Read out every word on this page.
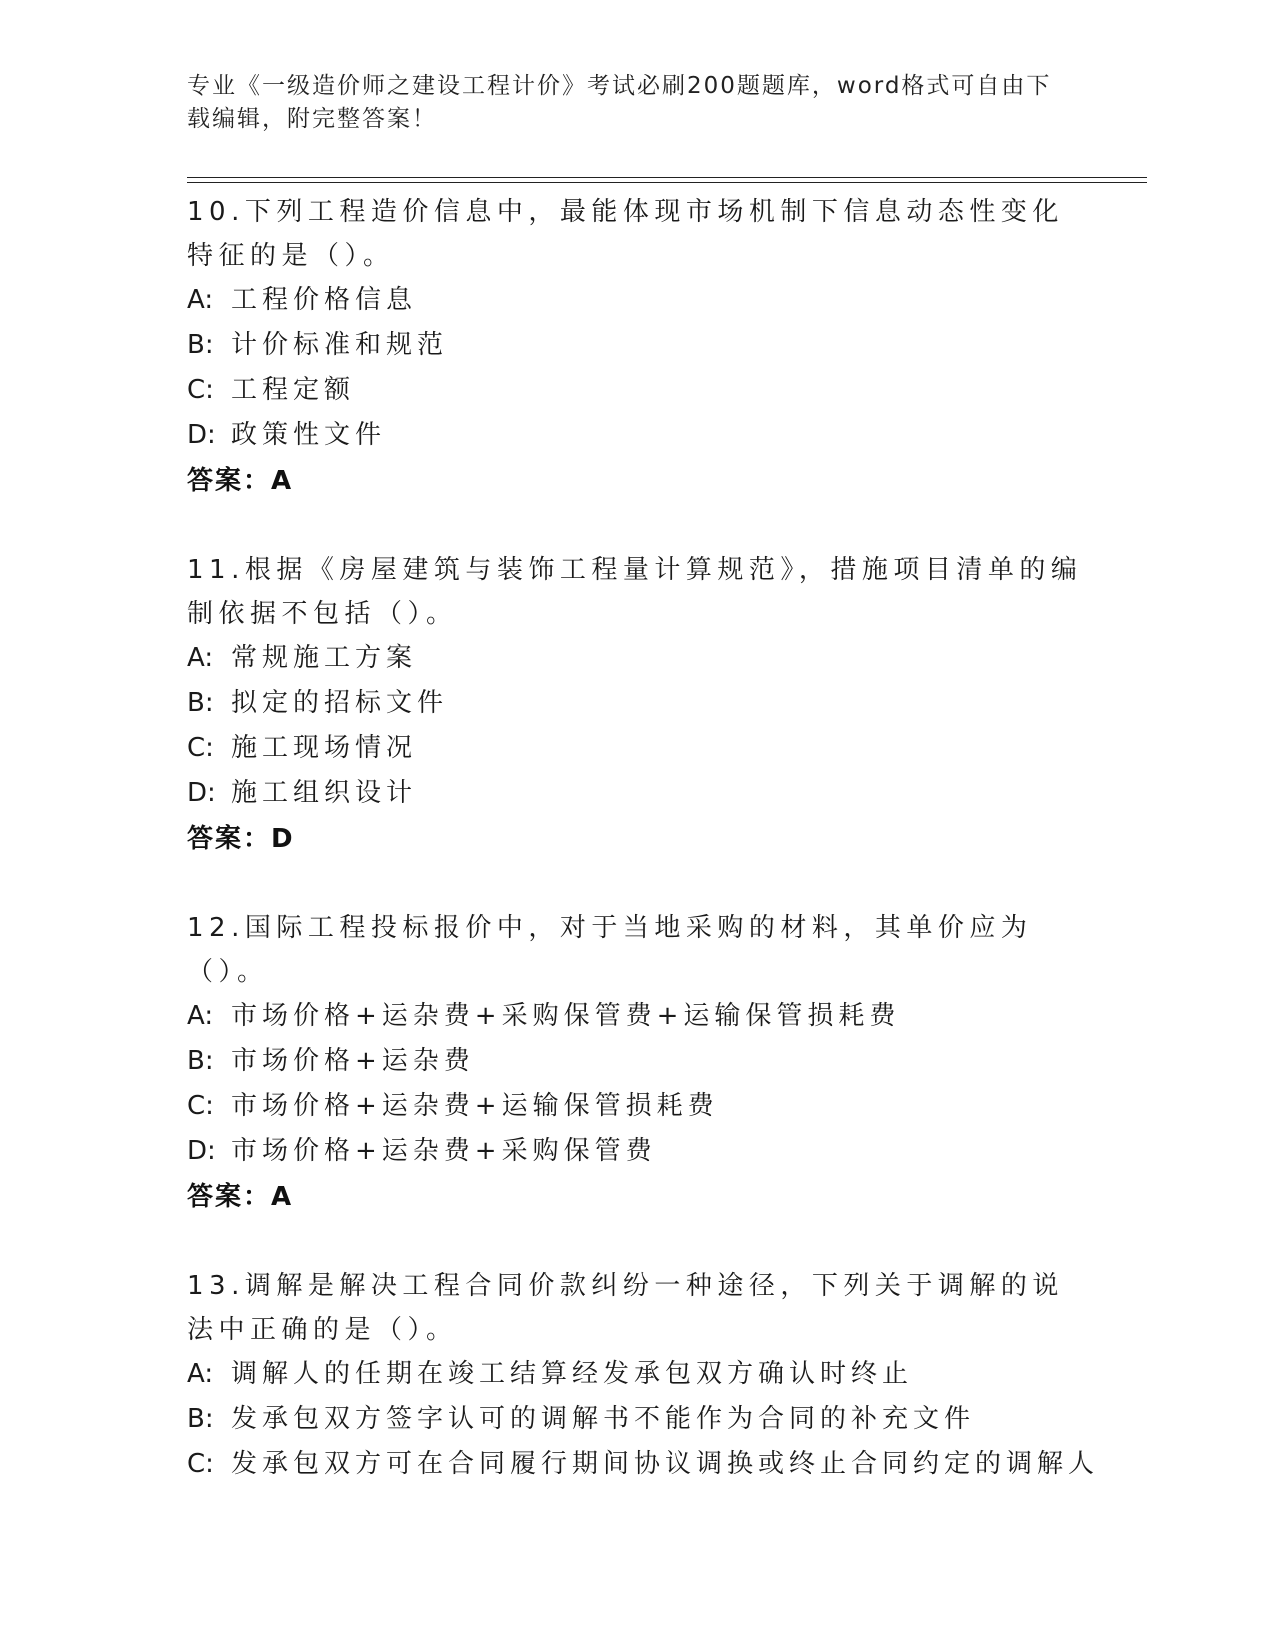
专业《一级造价师之建设工程计价》考试必刷200题题库，word格式可自由下载编辑，附完整答案！
10.下列工程造价信息中，最能体现市场机制下信息动态性变化特征的是（）。
A: 工程价格信息
B: 计价标准和规范
C: 工程定额
D: 政策性文件
答案：A
11.根据《房屋建筑与装饰工程量计算规范》，措施项目清单的编制依据不包括（）。
A: 常规施工方案
B: 拟定的招标文件
C: 施工现场情况
D: 施工组织设计
答案：D
12.国际工程投标报价中，对于当地采购的材料，其单价应为（）。
A: 市场价格+运杂费+采购保管费+运输保管损耗费
B: 市场价格+运杂费
C: 市场价格+运杂费+运输保管损耗费
D: 市场价格+运杂费+采购保管费
答案：A
13.调解是解决工程合同价款纠纷一种途径，下列关于调解的说法中正确的是（）。
A: 调解人的任期在竣工结算经发承包双方确认时终止
B: 发承包双方签字认可的调解书不能作为合同的补充文件
C: 发承包双方可在合同履行期间协议调换或终止合同约定的调解人
